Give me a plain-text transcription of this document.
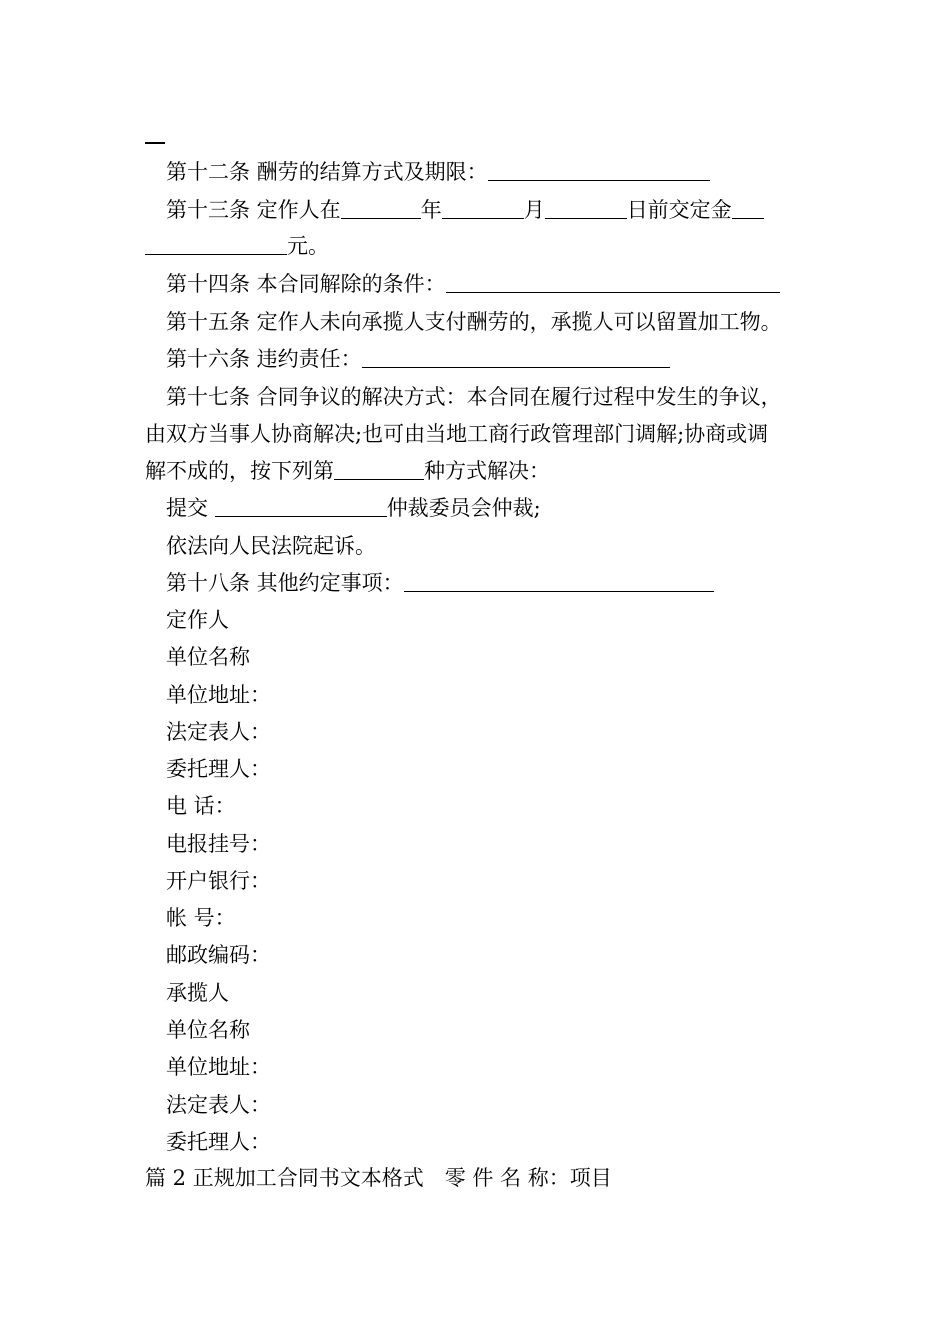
第十二条 酬劳的结算方式及期限：
第十三条 定作人在	年	月	日前交定金
元。
第十四条 本合同解除的条件：
第十五条 定作人未向承揽人支付酬劳的，承揽人可以留置加工物。
第十六条 违约责任：
第十七条 合同争议的解决方式：本合同在履行过程中发生的争议，
由双方当事人协商解决;也可由当地工商行政管理部门调解;协商或调
解不成的，按下列第	种方式解决：
提交	仲裁委员会仲裁;
依法向人民法院起诉。
第十八条 其他约定事项：
定作人
单位名称
单位地址：
法定表人：
委托理人：
电 话：
电报挂号：
开户银行：
帐 号：
邮政编码：
承揽人
单位名称
单位地址：
法定表人：
委托理人：
篇 2 正规加工合同书文本格式　零 件 名 称：项目
